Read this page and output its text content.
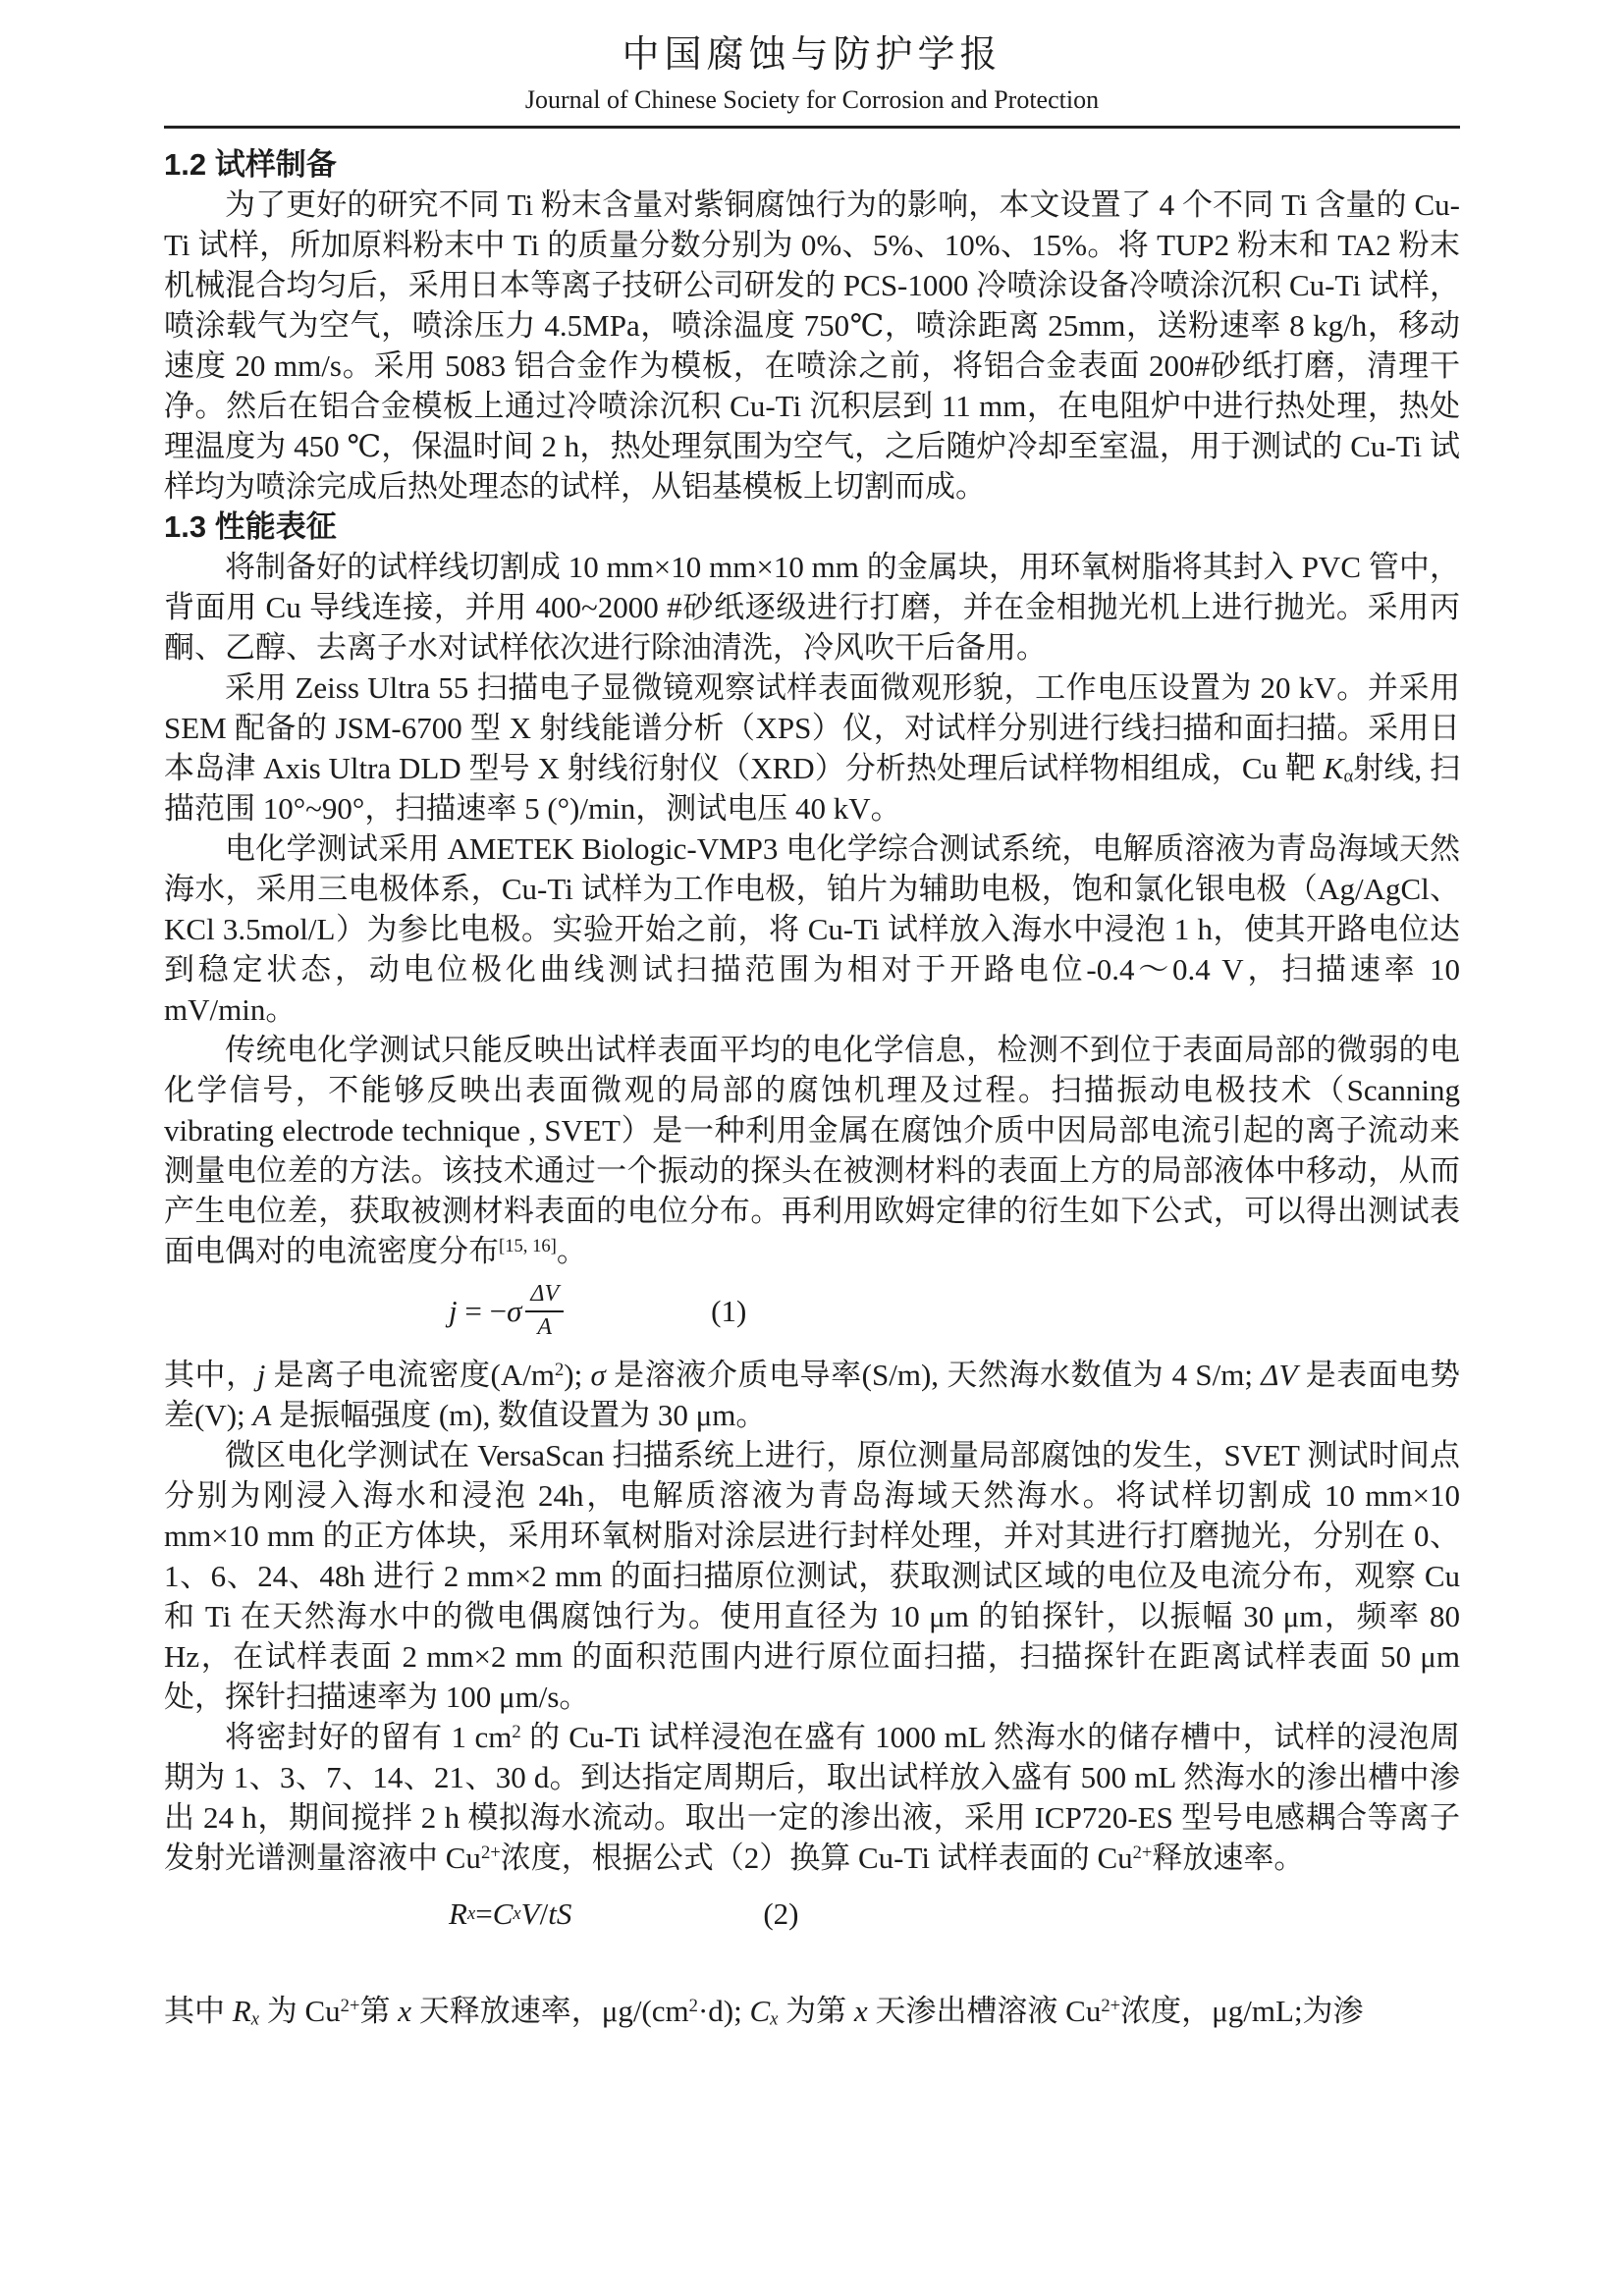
中国腐蚀与防护学报
Journal of Chinese Society for Corrosion and Protection
1.2 试样制备

为了更好的研究不同 Ti 粉末含量对紫铜腐蚀行为的影响，本文设置了 4 个不同 Ti 含量的 Cu-Ti 试样，所加原料粉末中 Ti 的质量分数分别为 0%、5%、10%、15%。将 TUP2 粉末和 TA2 粉末机械混合均匀后，采用日本等离子技研公司研发的 PCS-1000 冷喷涂设备冷喷涂沉积 Cu-Ti 试样，喷涂载气为空气，喷涂压力 4.5MPa，喷涂温度 750℃，喷涂距离 25mm，送粉速率 8 kg/h，移动速度 20 mm/s。采用 5083 铝合金作为模板，在喷涂之前，将铝合金表面 200#砂纸打磨，清理干净。然后在铝合金模板上通过冷喷涂沉积 Cu-Ti 沉积层到 11 mm，在电阻炉中进行热处理，热处理温度为 450 ℃，保温时间 2 h，热处理氛围为空气，之后随炉冷却至室温，用于测试的 Cu-Ti 试样均为喷涂完成后热处理态的试样，从铝基模板上切割而成。

1.3 性能表征

将制备好的试样线切割成 10 mm×10 mm×10 mm 的金属块，用环氧树脂将其封入 PVC 管中，背面用 Cu 导线连接，并用 400~2000 #砂纸逐级进行打磨，并在金相抛光机上进行抛光。采用丙酮、乙醇、去离子水对试样依次进行除油清洗，冷风吹干后备用。

采用 Zeiss Ultra 55 扫描电子显微镜观察试样表面微观形貌，工作电压设置为 20 kV。并采用 SEM 配备的 JSM-6700 型 X 射线能谱分析（XPS）仪，对试样分别进行线扫描和面扫描。采用日本岛津 Axis Ultra DLD 型号 X 射线衍射仪（XRD）分析热处理后试样物相组成，Cu 靶 Kα射线, 扫描范围 10°~90°，扫描速率 5 (°)/min，测试电压 40 kV。

电化学测试采用 AMETEK Biologic-VMP3 电化学综合测试系统，电解质溶液为青岛海域天然海水，采用三电极体系，Cu-Ti 试样为工作电极，铂片为辅助电极，饱和氯化银电极（Ag/AgCl、KCl 3.5mol/L）为参比电极。实验开始之前，将 Cu-Ti 试样放入海水中浸泡 1 h，使其开路电位达到稳定状态，动电位极化曲线测试扫描范围为相对于开路电位-0.4～0.4 V，扫描速率 10 mV/min。

传统电化学测试只能反映出试样表面平均的电化学信息，检测不到位于表面局部的微弱的电化学信号，不能够反映出表面微观的局部的腐蚀机理及过程。扫描振动电极技术（Scanning vibrating electrode technique , SVET）是一种利用金属在腐蚀介质中因局部电流引起的离子流动来测量电位差的方法。该技术通过一个振动的探头在被测材料的表面上方的局部液体中移动，从而产生电位差，获取被测材料表面的电位分布。再利用欧姆定律的衍生如下公式，可以得出测试表面电偶对的电流密度分布[15, 16]。

$j = -\sigma \frac{\Delta V}{A}$	(1)

其中，j 是离子电流密度$(A/m^2)$; σ 是溶液介质电导率(S/m), 天然海水数值为 4 S/m; ΔV 是表面电势差(V); A 是振幅强度 (m), 数值设置为 30 μm。

微区电化学测试在 VersaScan 扫描系统上进行，原位测量局部腐蚀的发生，SVET 测试时间点分别为刚浸入海水和浸泡 24h，电解质溶液为青岛海域天然海水。将试样切割成 10 mm×10 mm×10 mm 的正方体块，采用环氧树脂对涂层进行封样处理，并对其进行打磨抛光，分别在 0、1、6、24、48h 进行 2 mm×2 mm 的面扫描原位测试，获取测试区域的电位及电流分布，观察 Cu 和 Ti 在天然海水中的微电偶腐蚀行为。使用直径为 10 μm 的铂探针，以振幅 30 μm，频率 80 Hz，在试样表面 2 mm×2 mm 的面积范围内进行原位面扫描，扫描探针在距离试样表面 50 μm 处，探针扫描速率为 100 μm/s。

将密封好的留有 1 $cm^2$ 的 Cu-Ti 试样浸泡在盛有 1000 mL 然海水的储存槽中，试样的浸泡周期为 1、3、7、14、21、30 d。到达指定周期后，取出试样放入盛有 500 mL 然海水的渗出槽中渗出 24 h，期间搅拌 2 h 模拟海水流动。取出一定的渗出液，采用 ICP720-ES 型号电感耦合等离子发射光谱测量溶液中 $Cu^{2+}$浓度，根据公式（2）换算 Cu-Ti 试样表面的 $Cu^{2+}$释放速率。

R x = C x V / t S	(2)

其中 Rx 为 $Cu^{2+}$第 x 天释放速率，$\mu g/(cm^2\cdot d)$; Cx 为第 x 天渗出槽溶液 $Cu^{2+}$浓度，μg/mL;为渗
